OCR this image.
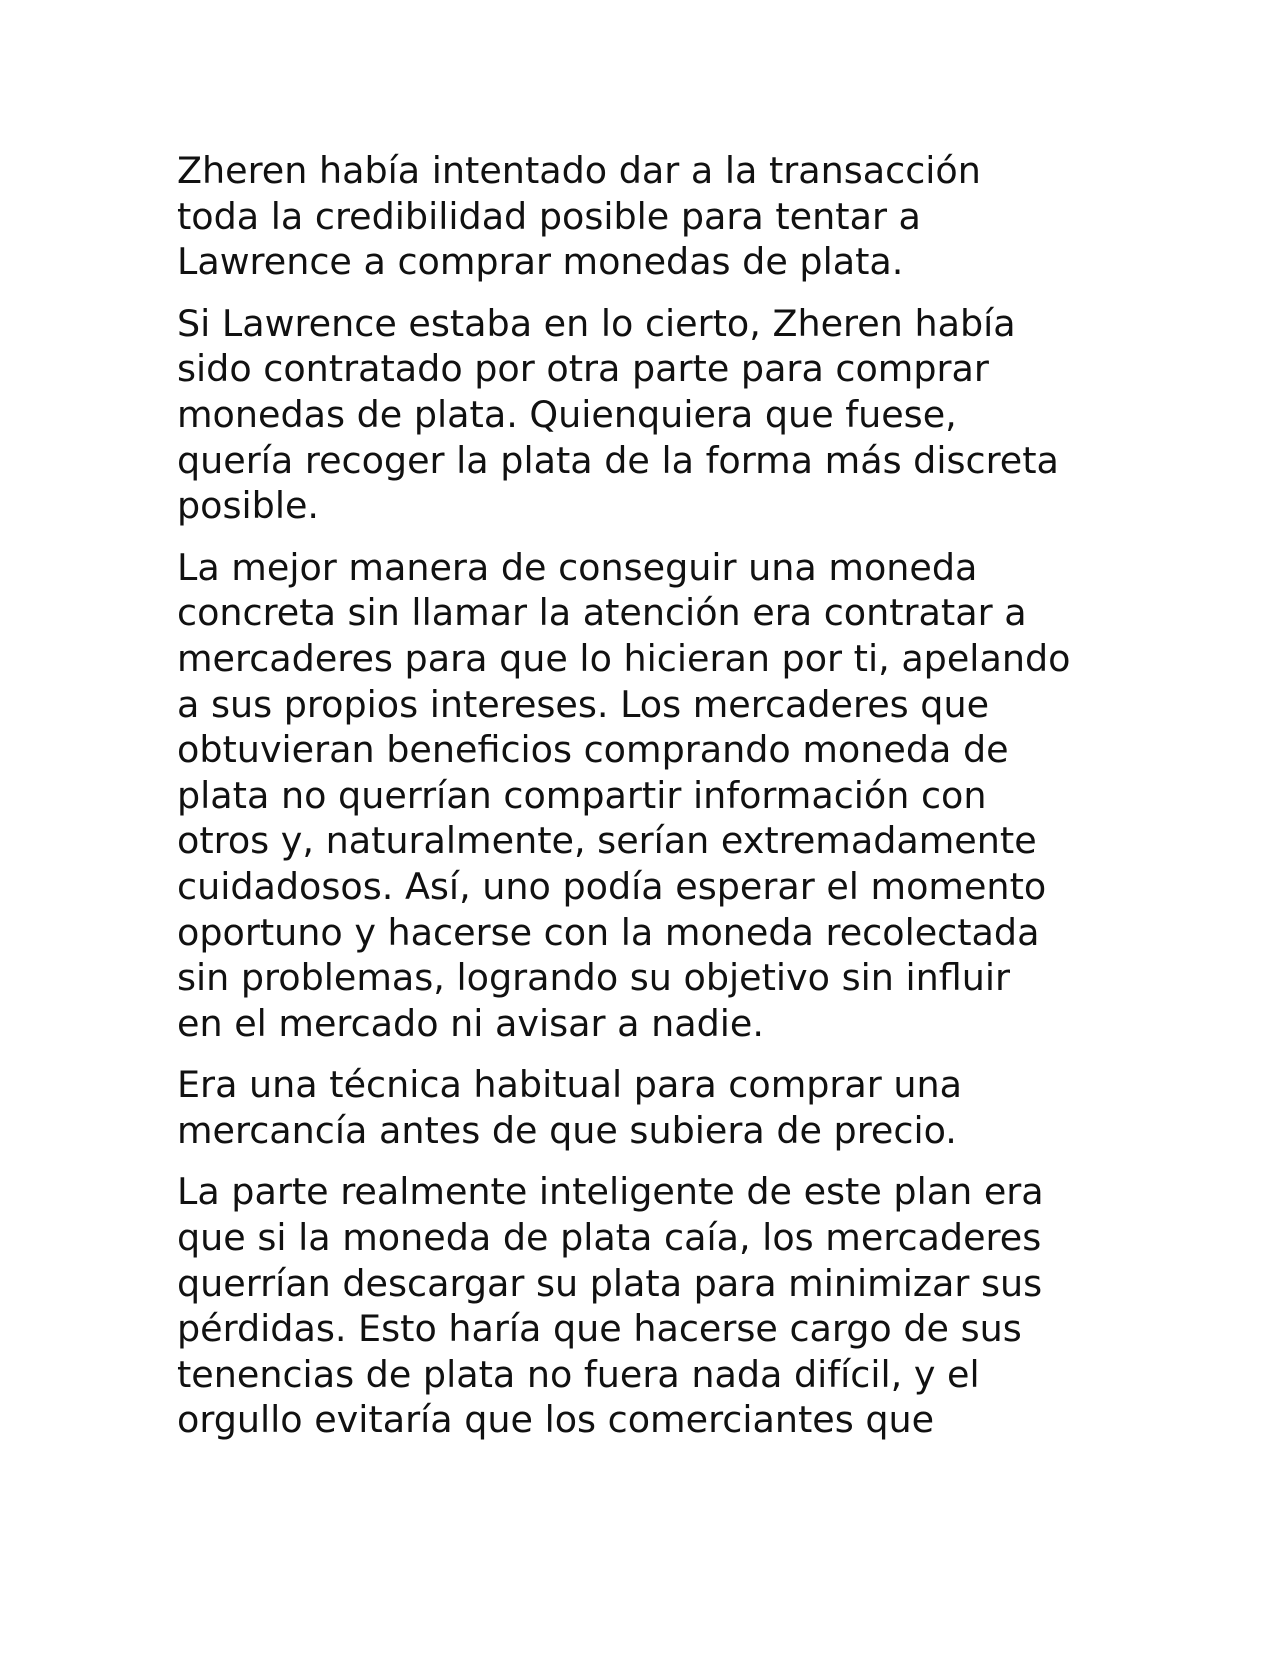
Zheren había intentado dar a la transacción
toda la credibilidad posible para tentar a
Lawrence a comprar monedas de plata.

Si Lawrence estaba en lo cierto, Zheren había
sido contratado por otra parte para comprar
monedas de plata. Quienquiera que fuese,
quería recoger la plata de la forma más discreta
posible.

La mejor manera de conseguir una moneda
concreta sin llamar la atención era contratar a
mercaderes para que lo hicieran por ti, apelando
a sus propios intereses. Los mercaderes que
obtuvieran beneficios comprando moneda de
plata no querrían compartir información con
otros y, naturalmente, serían extremadamente
cuidadosos. Así, uno podía esperar el momento
oportuno y hacerse con la moneda recolectada
sin problemas, logrando su objetivo sin influir
en el mercado ni avisar a nadie.

Era una técnica habitual para comprar una
mercancía antes de que subiera de precio.

La parte realmente inteligente de este plan era
que si la moneda de plata caía, los mercaderes
querrían descargar su plata para minimizar sus
pérdidas. Esto haría que hacerse cargo de sus
tenencias de plata no fuera nada difícil, y el
orgullo evitaría que los comerciantes que
